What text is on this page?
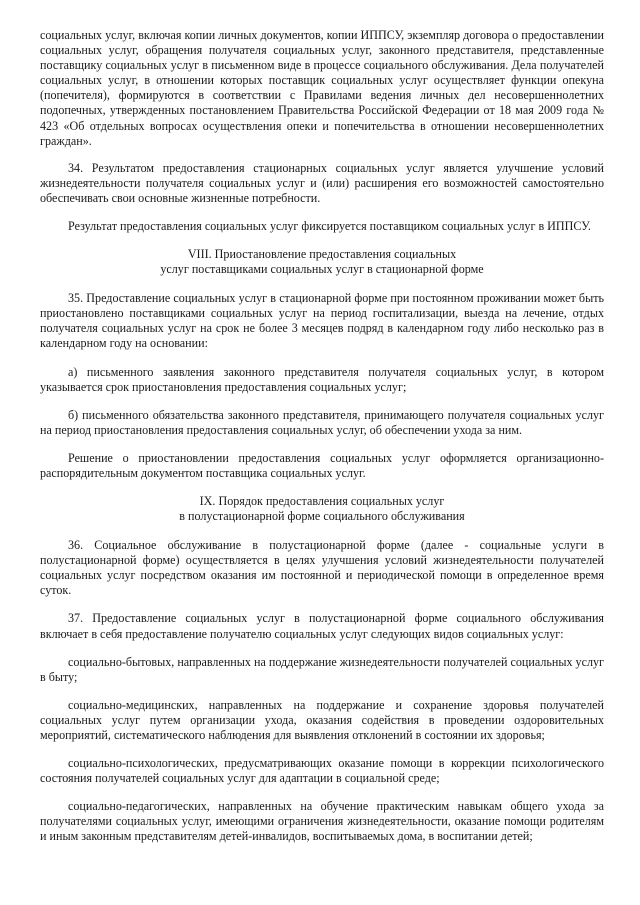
социальных услуг, включая копии личных документов, копии ИППСУ, экземпляр договора о предоставлении социальных услуг, обращения получателя социальных услуг, законного представителя, представленные поставщику социальных услуг в письменном виде в процессе социального обслуживания. Дела получателей социальных услуг, в отношении которых поставщик социальных услуг осуществляет функции опекуна (попечителя), формируются в соответствии с Правилами ведения личных дел несовершеннолетних подопечных, утвержденных постановлением Правительства Российской Федерации от 18 мая 2009 года № 423 «Об отдельных вопросах осуществления опеки и попечительства в отношении несовершеннолетних граждан».

34. Результатом предоставления стационарных социальных услуг является улучшение условий жизнедеятельности получателя социальных услуг и (или) расширения его возможностей самостоятельно обеспечивать свои основные жизненные потребности.

Результат предоставления социальных услуг фиксируется поставщиком социальных услуг в ИППСУ.

VIII. Приостановление предоставления социальных
услуг поставщиками социальных услуг в стационарной форме

35. Предоставление социальных услуг в стационарной форме при постоянном проживании может быть приостановлено поставщиками социальных услуг на период госпитализации, выезда на лечение, отдых получателя социальных услуг на срок не более 3 месяцев подряд в календарном году либо несколько раз в календарном году на основании:

а) письменного заявления законного представителя получателя социальных услуг, в котором указывается срок приостановления предоставления социальных услуг;

б) письменного обязательства законного представителя, принимающего получателя социальных услуг на период приостановления предоставления социальных услуг, об обеспечении ухода за ним.

Решение о приостановлении предоставления социальных услуг оформляется организационно-распорядительным документом поставщика социальных услуг.

IX. Порядок предоставления социальных услуг
в полустационарной форме социального обслуживания

36. Социальное обслуживание в полустационарной форме (далее - социальные услуги в полустационарной форме) осуществляется в целях улучшения условий жизнедеятельности получателей социальных услуг посредством оказания им постоянной и периодической помощи в определенное время суток.

37. Предоставление социальных услуг в полустационарной форме социального обслуживания включает в себя предоставление получателю социальных услуг следующих видов социальных услуг:

социально-бытовых, направленных на поддержание жизнедеятельности получателей социальных услуг в быту;

социально-медицинских, направленных на поддержание и сохранение здоровья получателей социальных услуг путем организации ухода, оказания содействия в проведении оздоровительных мероприятий, систематического наблюдения для выявления отклонений в состоянии их здоровья;

социально-психологических, предусматривающих оказание помощи в коррекции психологического состояния получателей социальных услуг для адаптации в социальной среде;

социально-педагогических, направленных на обучение практическим навыкам общего ухода за получателями социальных услуг, имеющими ограничения жизнедеятельности, оказание помощи родителям и иным законным представителям детей-инвалидов, воспитываемых дома, в воспитании детей;
